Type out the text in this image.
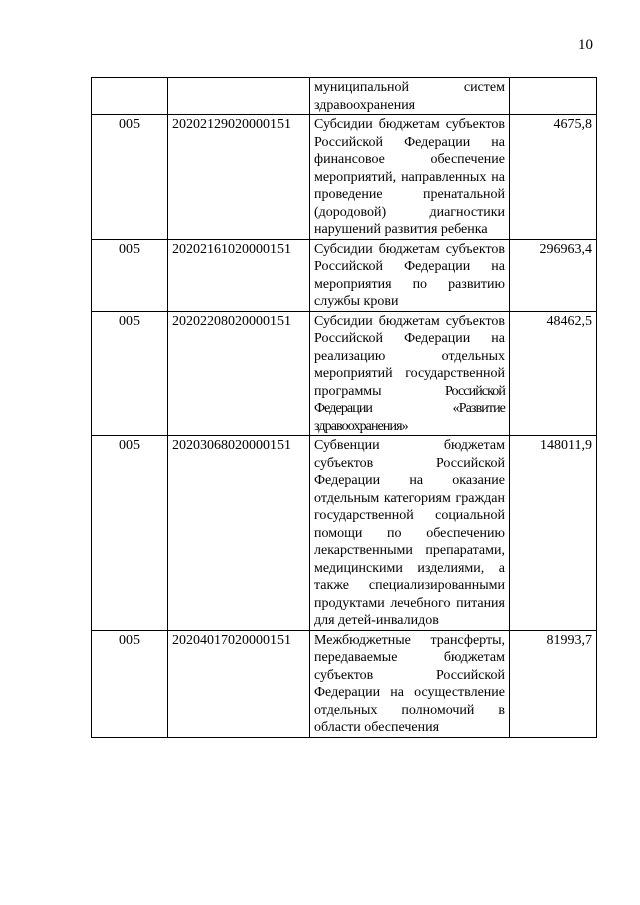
10
		муниципальной систем здравоохранения	
005	20202129020000151	Субсидии бюджетам субъектов Российской Федерации на финансовое обеспечение мероприятий, направленных на проведение пренатальной (дородовой) диагностики нарушений развития ребенка	4675,8
005	20202161020000151	Субсидии бюджетам субъектов Российской Федерации на мероприятия по развитию службы крови	296963,4
005	20202208020000151	Субсидии бюджетам субъектов Российской Федерации на реализацию отдельных мероприятий государственной программы Российской Федерации «Развитие здравоохранения»	48462,5
005	20203068020000151	Субвенции бюджетам субъектов Российской Федерации на оказание отдельным категориям граждан государственной социальной помощи по обеспечению лекарственными препаратами, медицинскими изделиями, а также специализированными продуктами лечебного питания для детей-инвалидов	148011,9
005	20204017020000151	Межбюджетные трансферты, передаваемые бюджетам субъектов Российской Федерации на осуществление отдельных полномочий в области обеспечения	81993,7
